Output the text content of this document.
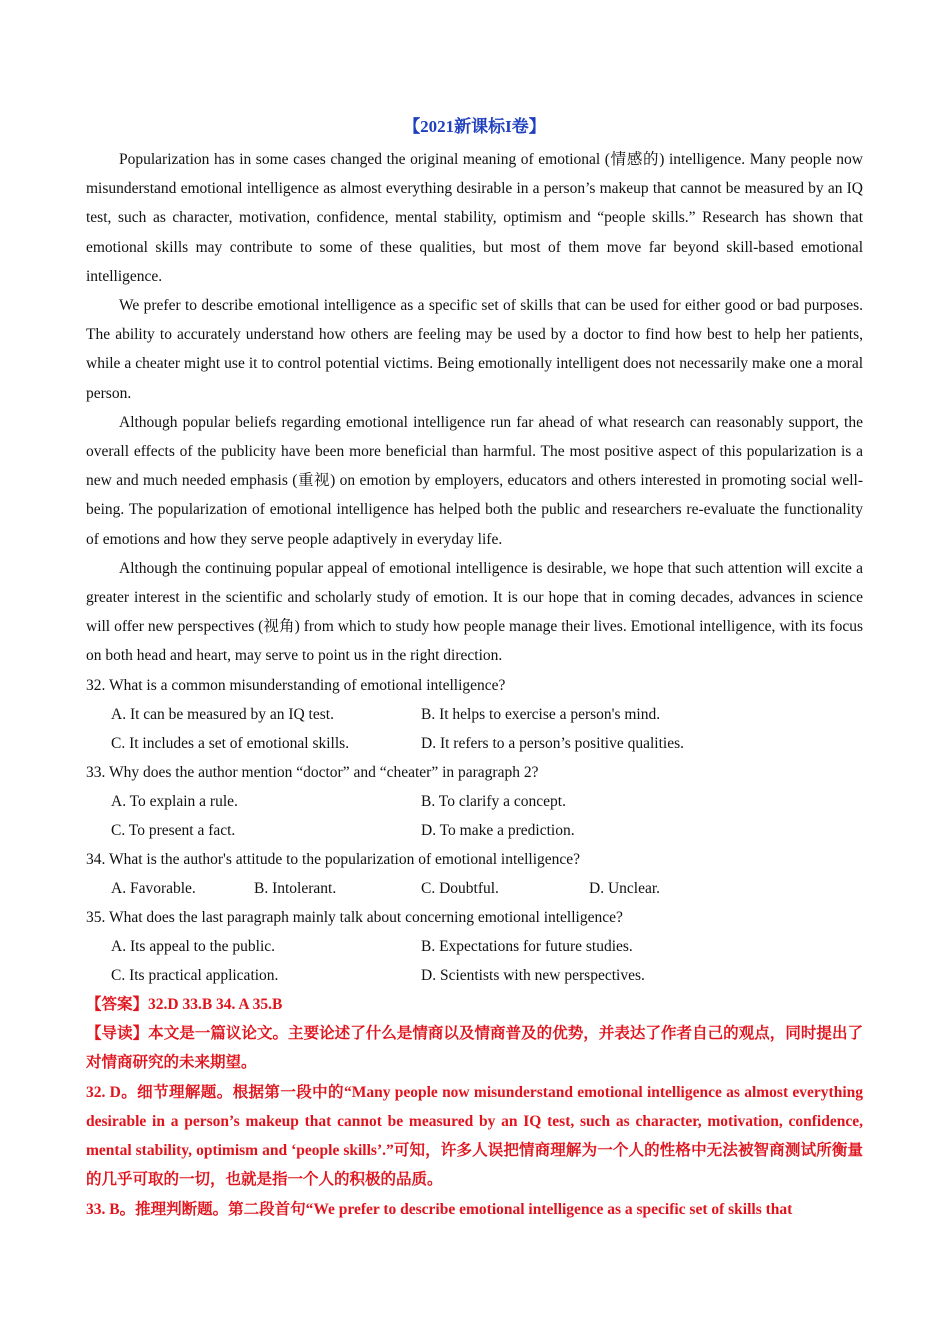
【2021新课标I卷】

Popularization has in some cases changed the original meaning of emotional (情感的) intelligence. Many people now misunderstand emotional intelligence as almost everything desirable in a person’s makeup that cannot be measured by an IQ test, such as character, motivation, confidence, mental stability, optimism and “people skills.” Research has shown that emotional skills may contribute to some of these qualities, but most of them move far beyond skill-based emotional intelligence.

We prefer to describe emotional intelligence as a specific set of skills that can be used for either good or bad purposes. The ability to accurately understand how others are feeling may be used by a doctor to find how best to help her patients, while a cheater might use it to control potential victims. Being emotionally intelligent does not necessarily make one a moral person.

Although popular beliefs regarding emotional intelligence run far ahead of what research can reasonably support, the overall effects of the publicity have been more beneficial than harmful. The most positive aspect of this popularization is a new and much needed emphasis (重视) on emotion by employers, educators and others interested in promoting social well-being. The popularization of emotional intelligence has helped both the public and researchers re-evaluate the functionality of emotions and how they serve people adaptively in everyday life.

Although the continuing popular appeal of emotional intelligence is desirable, we hope that such attention will excite a greater interest in the scientific and scholarly study of emotion. It is our hope that in coming decades, advances in science will offer new perspectives (视角) from which to study how people manage their lives. Emotional intelligence, with its focus on both head and heart, may serve to point us in the right direction.

32. What is a common misunderstanding of emotional intelligence?

A. It can be measured by an IQ test.	B. It helps to exercise a person's mind.
C. It includes a set of emotional skills.	D. It refers to a person’s positive qualities.

33. Why does the author mention “doctor” and “cheater” in paragraph 2?

A. To explain a rule.	B. To clarify a concept.
C. To present a fact.	D. To make a prediction.

34. What is the author's attitude to the popularization of emotional intelligence?

A. Favorable.	B. Intolerant.	C. Doubtful.	D. Unclear.

35. What does the last paragraph mainly talk about concerning emotional intelligence?

A. Its appeal to the public.	B. Expectations for future studies.
C. Its practical application.	D. Scientists with new perspectives.

【答案】32.D 33.B 34. A 35.B

【导读】本文是一篇议论文。主要论述了什么是情商以及情商普及的优势，并表达了作者自己的观点，同时提出了对情商研究的未来期望。

32. D。细节理解题。根据第一段中的“Many people now misunderstand emotional intelligence as almost everything desirable in a person’s makeup that cannot be measured by an IQ test, such as character, motivation, confidence, mental stability, optimism and ‘people skills’.”可知，许多人误把情商理解为一个人的性格中无法被智商测试所衡量的几乎可取的一切，也就是指一个人的积极的品质。

33. B。推理判断题。第二段首句“We prefer to describe emotional intelligence as a specific set of skills that
